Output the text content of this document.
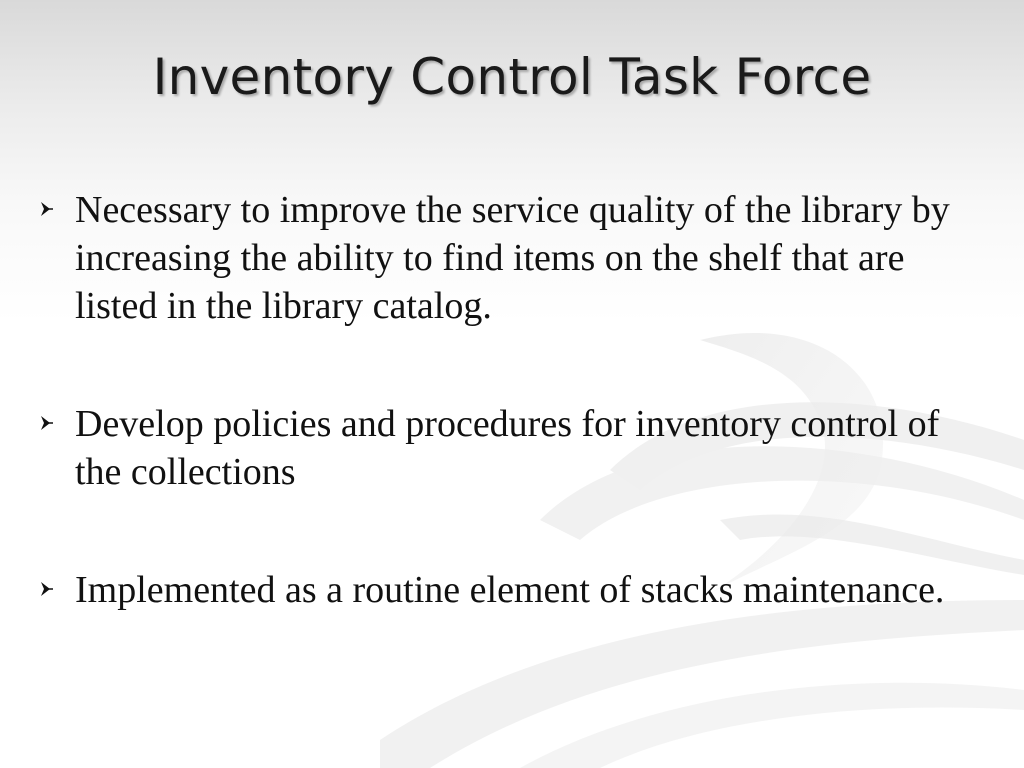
Inventory Control Task Force
Necessary to improve the service quality of the library by increasing the ability to find items on the shelf that are listed in the library catalog.
Develop policies and procedures for inventory control of the collections
Implemented as a routine element of stacks maintenance.
